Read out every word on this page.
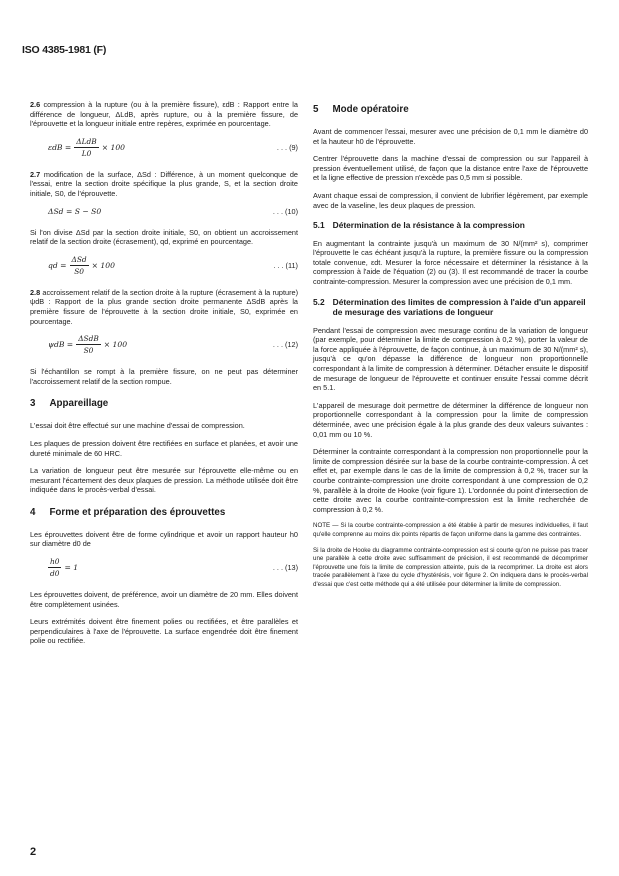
ISO 4385-1981 (F)

2.6 compression à la rupture (ou à la première fissure), εdB : Rapport entre la différence de longueur, ΔLdB, après rupture, ou à la première fissure, de l'éprouvette et la longueur initiale entre repères, exprimée en pourcentage.

$\varepsilon dB = \frac{\text{ΔLdB}}{L0} \times 100$	. . . (9)

2.7 modification de la surface, ΔSd : Différence, à un moment quelconque de l'essai, entre la section droite spécifique la plus grande, S, et la section droite initiale, S0, de l'éprouvette.

ΔSd = S − S0	. . . (10)

Si l'on divise ΔSd par la section droite initiale, S0, on obtient un accroissement relatif de la section droite (écrasement), qd, exprimé en pourcentage.

qd = $\frac{\text{ΔSd}}{S0} \times 100$	. . . (11)

2.8 accroissement relatif de la section droite à la rupture (écrasement à la rupture) ψdB : Rapport de la plus grande section droite permanente ΔSdB après la première fissure de l'éprouvette à la section droite initiale, S0, exprimée en pourcentage.

$\psi dB = \frac{\text{ΔSdB}}{S0} \times 100$	. . . (12)

Si l'échantillon se rompt à la première fissure, on ne peut pas déterminer l'accroissement relatif de la section rompue.

3 Appareillage

L'essai doit être effectué sur une machine d'essai de compression.

Les plaques de pression doivent être rectifiées en surface et planées, et avoir une dureté minimale de 60 HRC.

La variation de longueur peut être mesurée sur l'éprouvette elle-même ou en mesurant l'écartement des deux plaques de pression. La méthode utilisée doit être indiquée dans le procès-verbal d'essai.

4 Forme et préparation des éprouvettes

Les éprouvettes doivent être de forme cylindrique et avoir un rapport hauteur h0 sur diamètre d0 de

$\frac{h0}{d0} = 1$	. . . (13)

Les éprouvettes doivent, de préférence, avoir un diamètre de 20 mm. Elles doivent être complètement usinées.

Leurs extrémités doivent être finement polies ou rectifiées, et être parallèles et perpendiculaires à l'axe de l'éprouvette. La surface engendrée doit être finement polie ou rectifiée.

5 Mode opératoire

Avant de commencer l'essai, mesurer avec une précision de 0,1 mm le diamètre d0 et la hauteur h0 de l'éprouvette.

Centrer l'éprouvette dans la machine d'essai de compression ou sur l'appareil à pression éventuellement utilisé, de façon que la distance entre l'axe de l'éprouvette et la ligne effective de pression n'excède pas 0,5 mm si possible.

Avant chaque essai de compression, il convient de lubrifier légèrement, par exemple avec de la vaseline, les deux plaques de pression.

5.1 Détermination de la résistance à la compression

En augmentant la contrainte jusqu'à un maximum de 30 N/(mm² s), comprimer l'éprouvette le cas échéant jusqu'à la rupture, la première fissure ou la compression totale convenue, εdt. Mesurer la force nécessaire et déterminer la résistance à la compression à l'aide de l'équation (2) ou (3). Il est recommandé de tracer la courbe contrainte-compression. Mesurer la compression avec une précision de 0,1 mm.

5.2 Détermination des limites de compression à l'aide d'un appareil de mesurage des variations de longueur

Pendant l'essai de compression avec mesurage continu de la variation de longueur (par exemple, pour déterminer la limite de compression à 0,2 %), porter la valeur de la force appliquée à l'éprouvette, de façon continue, à un maximum de 30 N/(mm² s), jusqu'à ce qu'on dépasse la différence de longueur non proportionnelle correspondant à la limite de compression à déterminer. Détacher ensuite le dispositif de mesurage de longueur de l'éprouvette et continuer ensuite l'essai comme décrit en 5.1.

L'appareil de mesurage doit permettre de déterminer la différence de longueur non proportionnelle correspondant à la compression pour la limite de compression déterminée, avec une précision égale à la plus grande des deux valeurs suivantes : 0,01 mm ou 10 %.

Déterminer la contrainte correspondant à la compression non proportionnelle pour la limite de compression désirée sur la base de la courbe contrainte-compression. À cet effet et, par exemple dans le cas de la limite de compression à 0,2 %, tracer sur la courbe contrainte-compression une droite correspondant à une compression de 0,2 %, parallèle à la droite de Hooke (voir figure 1). L'ordonnée du point d'intersection de cette droite avec la courbe contrainte-compression est la limite recherchée de compression à 0,2 %.

NOTE — Si la courbe contrainte-compression a été établie à partir de mesures individuelles, il faut qu'elle comprenne au moins dix points répartis de façon uniforme dans la gamme des contraintes.

Si la droite de Hooke du diagramme contrainte-compression est si courte qu'on ne puisse pas tracer une parallèle à cette droite avec suffisamment de précision, il est recommandé de décomprimer l'éprouvette une fois la limite de compression atteinte, puis de la recomprimer. La droite est alors tracée parallèlement à l'axe du cycle d'hystérésis, voir figure 2. On indiquera dans le procès-verbal d'essai que c'est cette méthode qui a été utilisée pour déterminer la limite de compression.

2
